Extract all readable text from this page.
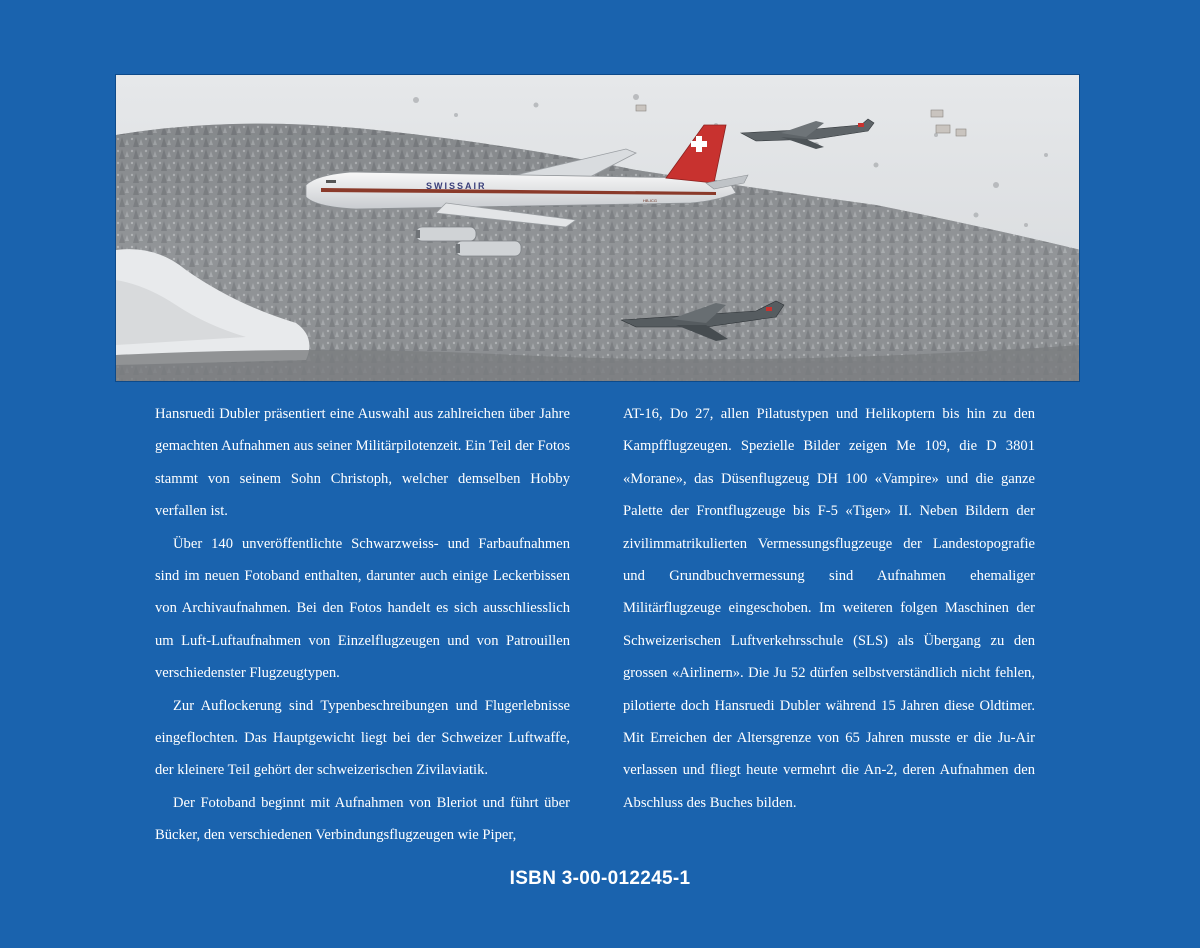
SWISSAIR
HB-ICG

Hansruedi Dubler präsentiert eine Auswahl aus zahlreichen über Jahre gemachten Aufnahmen aus seiner Militärpilotenzeit. Ein Teil der Fotos stammt von seinem Sohn Christoph, welcher demselben Hobby verfallen ist.

Über 140 unveröffentlichte Schwarzweiss- und Farbaufnahmen sind im neuen Fotoband enthalten, darunter auch einige Leckerbissen von Archivaufnahmen. Bei den Fotos handelt es sich ausschliesslich um Luft-Luftaufnahmen von Einzelflugzeugen und von Patrouillen verschiedenster Flugzeugtypen.

Zur Auflockerung sind Typenbeschreibungen und Flugerlebnisse eingeflochten. Das Hauptgewicht liegt bei der Schweizer Luftwaffe, der kleinere Teil gehört der schweizerischen Zivilaviatik.

Der Fotoband beginnt mit Aufnahmen von Bleriot und führt über Bücker, den verschiedenen Verbindungsflugzeugen wie Piper,

AT-16, Do 27, allen Pilatustypen und Helikoptern bis hin zu den Kampfflugzeugen. Spezielle Bilder zeigen Me 109, die D 3801 «Morane», das Düsenflugzeug DH 100 «Vampire» und die ganze Palette der Frontflugzeuge bis F-5 «Tiger» II. Neben Bildern der zivilimmatrikulierten Vermessungsflugzeuge der Landestopografie und Grundbuchvermessung sind Aufnahmen ehemaliger Militärflugzeuge eingeschoben. Im weiteren folgen Maschinen der Schweizerischen Luftverkehrsschule (SLS) als Übergang zu den grossen «Airlinern». Die Ju 52 dürfen selbstverständlich nicht fehlen, pilotierte doch Hansruedi Dubler während 15 Jahren diese Oldtimer. Mit Erreichen der Altersgrenze von 65 Jahren musste er die Ju-Air verlassen und fliegt heute vermehrt die An-2, deren Aufnahmen den Abschluss des Buches bilden.

ISBN 3-00-012245-1
